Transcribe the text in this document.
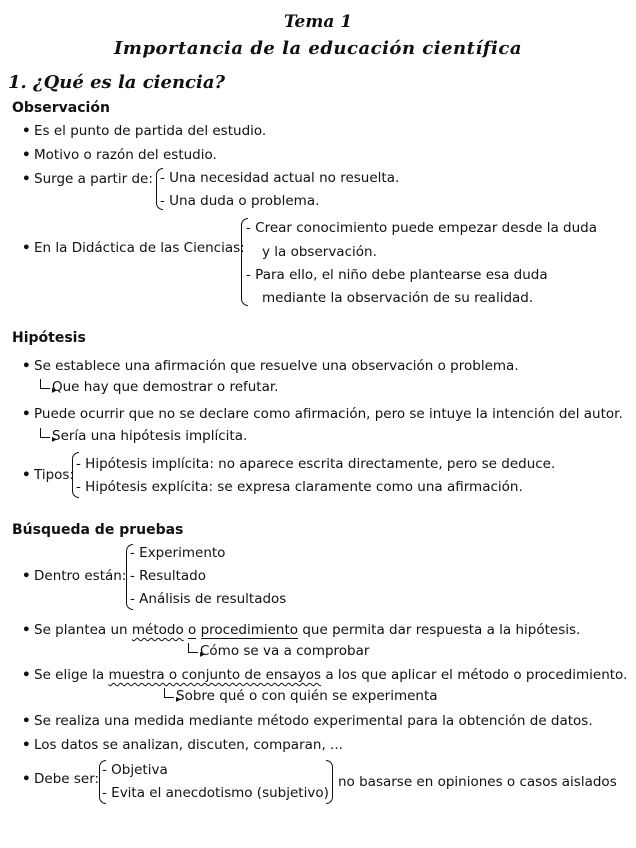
Tema 1
Importancia de la educación científica
1. ¿Qué es la ciencia?
Observación
• Es el punto de partida del estudio.
• Motivo o razón del estudio.
• Surge a partir de: - Una necesidad actual no resuelta.
- Una duda o problema.
• En la Didáctica de las Ciencias:
- Crear conocimiento puede empezar desde la duda
y la observación.
- Para ello, el niño debe plantearse esa duda
mediante la observación de su realidad.
Hipótesis
• Se establece una afirmación que resuelve una observación o problema.
▸Que hay que demostrar o refutar.
• Puede ocurrir que no se declare como afirmación, pero se intuye la intención del autor.
▸Sería una hipótesis implícita.
• Tipos:
- Hipótesis implícita: no aparece escrita directamente, pero se deduce.
- Hipótesis explícita: se expresa claramente como una afirmación.
Búsqueda de pruebas
• Dentro están:
- Experimento
- Resultado
- Análisis de resultados
• Se plantea un método o procedimiento que permita dar respuesta a la hipótesis.
▸Cómo se va a comprobar
• Se elige la muestra o conjunto de ensayos a los que aplicar el método o procedimiento.
▸Sobre qué o con quién se experimenta
• Se realiza una medida mediante método experimental para la obtención de datos.
• Los datos se analizan, discuten, comparan, ...
• Debe ser:
- Objetiva
- Evita el anecdotismo (subjetivo)
no basarse en opiniones o casos aislados
